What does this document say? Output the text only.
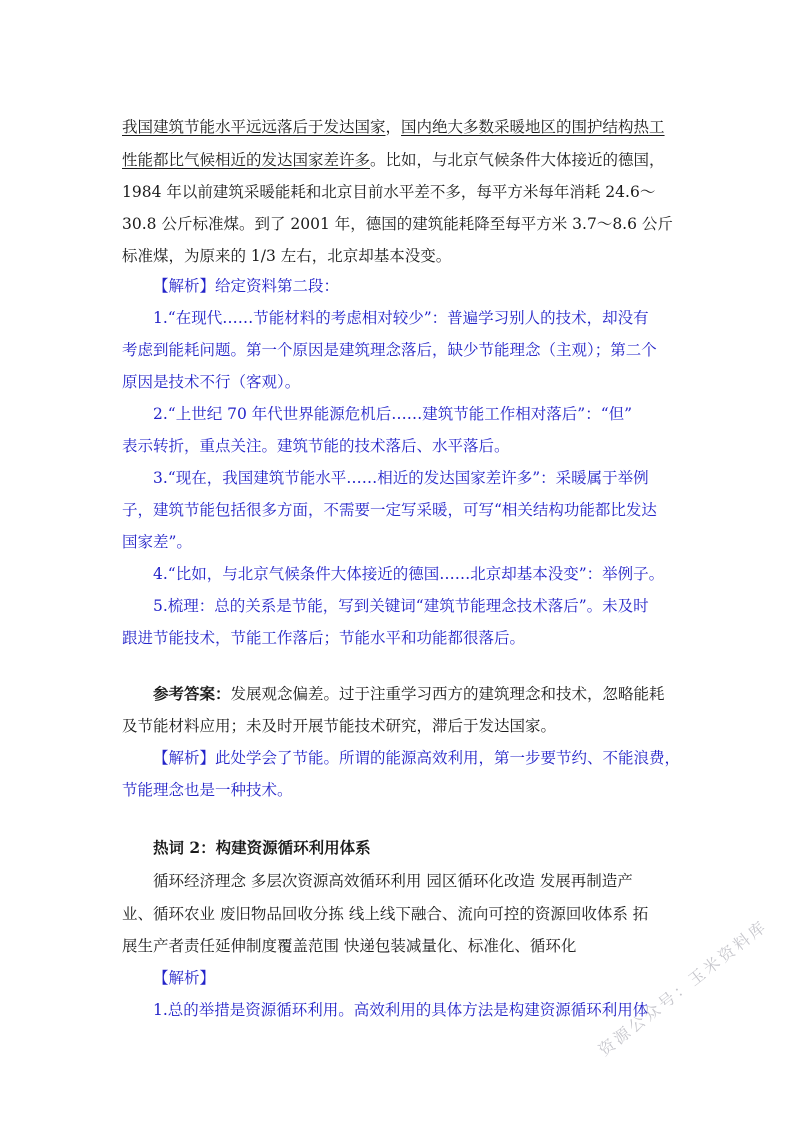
我国建筑节能水平远远落后于发达国家，国内绝大多数采暖地区的围护结构热工
性能都比气候相近的发达国家差许多。比如，与北京气候条件大体接近的德国，
1984 年以前建筑采暖能耗和北京目前水平差不多，每平方米每年消耗 24.6～
30.8 公斤标准煤。到了 2001 年，德国的建筑能耗降至每平方米 3.7～8.6 公斤
标准煤，为原来的 1/3 左右，北京却基本没变。
【解析】给定资料第二段：
1.“在现代……节能材料的考虑相对较少”：普遍学习别人的技术，却没有
考虑到能耗问题。第一个原因是建筑理念落后，缺少节能理念（主观）；第二个
原因是技术不行（客观）。
2.“上世纪 70 年代世界能源危机后……建筑节能工作相对落后”：“但”
表示转折，重点关注。建筑节能的技术落后、水平落后。
3.“现在，我国建筑节能水平……相近的发达国家差许多”：采暖属于举例
子，建筑节能包括很多方面，不需要一定写采暖，可写“相关结构功能都比发达
国家差”。
4.“比如，与北京气候条件大体接近的德国……北京却基本没变”：举例子。
5.梳理：总的关系是节能，写到关键词“建筑节能理念技术落后”。未及时
跟进节能技术，节能工作落后；节能水平和功能都很落后。
参考答案：发展观念偏差。过于注重学习西方的建筑理念和技术，忽略能耗
及节能材料应用；未及时开展节能技术研究，滞后于发达国家。
【解析】此处学会了节能。所谓的能源高效利用，第一步要节约、不能浪费，
节能理念也是一种技术。
热词 2：构建资源循环利用体系
循环经济理念 多层次资源高效循环利用 园区循环化改造 发展再制造产
业、循环农业 废旧物品回收分拣 线上线下融合、流向可控的资源回收体系 拓
展生产者责任延伸制度覆盖范围 快递包装减量化、标准化、循环化
【解析】
1.总的举措是资源循环利用。高效利用的具体方法是构建资源循环利用体
资源公众号：玉米资料库
